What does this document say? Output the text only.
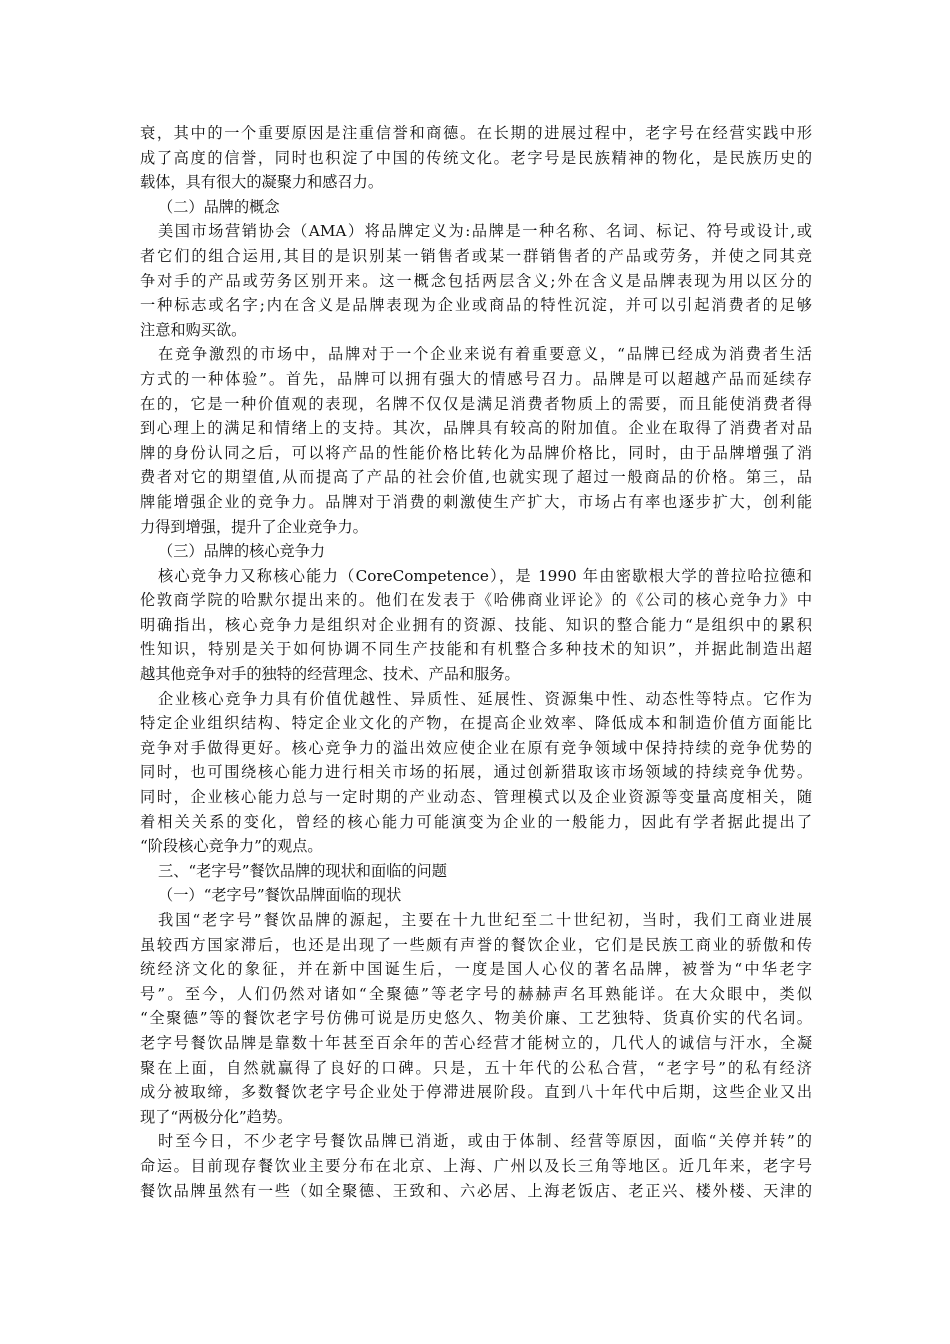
衰，其中的一个重要原因是注重信誉和商德。在长期的进展过程中，老字号在经营实践中形
成了高度的信誉，同时也积淀了中国的传统文化。老字号是民族精神的物化，是民族历史的
载体，具有很大的凝聚力和感召力。
（二）品牌的概念
美国市场营销协会（AMA）将品牌定义为:品牌是一种名称、名词、标记、符号或设计,或
者它们的组合运用,其目的是识别某一销售者或某一群销售者的产品或劳务，并使之同其竞
争对手的产品或劳务区别开来。这一概念包括两层含义;外在含义是品牌表现为用以区分的
一种标志或名字;内在含义是品牌表现为企业或商品的特性沉淀，并可以引起消费者的足够
注意和购买欲。
在竞争激烈的市场中，品牌对于一个企业来说有着重要意义，“品牌已经成为消费者生活
方式的一种体验”。首先，品牌可以拥有强大的情感号召力。品牌是可以超越产品而延续存
在的，它是一种价值观的表现，名牌不仅仅是满足消费者物质上的需要，而且能使消费者得
到心理上的满足和情绪上的支持。其次，品牌具有较高的附加值。企业在取得了消费者对品
牌的身份认同之后，可以将产品的性能价格比转化为品牌价格比，同时，由于品牌增强了消
费者对它的期望值,从而提高了产品的社会价值,也就实现了超过一般商品的价格。第三，品
牌能增强企业的竞争力。品牌对于消费的刺激使生产扩大，市场占有率也逐步扩大，创利能
力得到增强，提升了企业竞争力。
（三）品牌的核心竞争力
核心竞争力又称核心能力（CoreCompetence），是 1990 年由密歇根大学的普拉哈拉德和
伦敦商学院的哈默尔提出来的。他们在发表于《哈佛商业评论》的《公司的核心竞争力》中
明确指出，核心竞争力是组织对企业拥有的资源、技能、知识的整合能力“是组织中的累积
性知识，特别是关于如何协调不同生产技能和有机整合多种技术的知识”，并据此制造出超
越其他竞争对手的独特的经营理念、技术、产品和服务。
企业核心竞争力具有价值优越性、异质性、延展性、资源集中性、动态性等特点。它作为
特定企业组织结构、特定企业文化的产物，在提高企业效率、降低成本和制造价值方面能比
竞争对手做得更好。核心竞争力的溢出效应使企业在原有竞争领域中保持持续的竞争优势的
同时，也可围绕核心能力进行相关市场的拓展，通过创新猎取该市场领域的持续竞争优势。
同时，企业核心能力总与一定时期的产业动态、管理模式以及企业资源等变量高度相关，随
着相关关系的变化，曾经的核心能力可能演变为企业的一般能力，因此有学者据此提出了
“阶段核心竞争力”的观点。
三、“老字号”餐饮品牌的现状和面临的问题
（一）“老字号”餐饮品牌面临的现状
我国“老字号”餐饮品牌的源起，主要在十九世纪至二十世纪初，当时，我们工商业进展
虽较西方国家滞后，也还是出现了一些颇有声誉的餐饮企业，它们是民族工商业的骄傲和传
统经济文化的象征，并在新中国诞生后，一度是国人心仪的著名品牌，被誉为“中华老字
号”。至今，人们仍然对诸如“全聚德”等老字号的赫赫声名耳熟能详。在大众眼中，类似
“全聚德”等的餐饮老字号仿佛可说是历史悠久、物美价廉、工艺独特、货真价实的代名词。
老字号餐饮品牌是靠数十年甚至百余年的苦心经营才能树立的，几代人的诚信与汗水，全凝
聚在上面，自然就赢得了良好的口碑。只是，五十年代的公私合营，“老字号”的私有经济
成分被取缔，多数餐饮老字号企业处于停滞进展阶段。直到八十年代中后期，这些企业又出
现了“两极分化”趋势。
时至今日，不少老字号餐饮品牌已消逝，或由于体制、经营等原因，面临“关停并转”的
命运。目前现存餐饮业主要分布在北京、上海、广州以及长三角等地区。近几年来，老字号
餐饮品牌虽然有一些（如全聚德、王致和、六必居、上海老饭店、老正兴、楼外楼、天津的
